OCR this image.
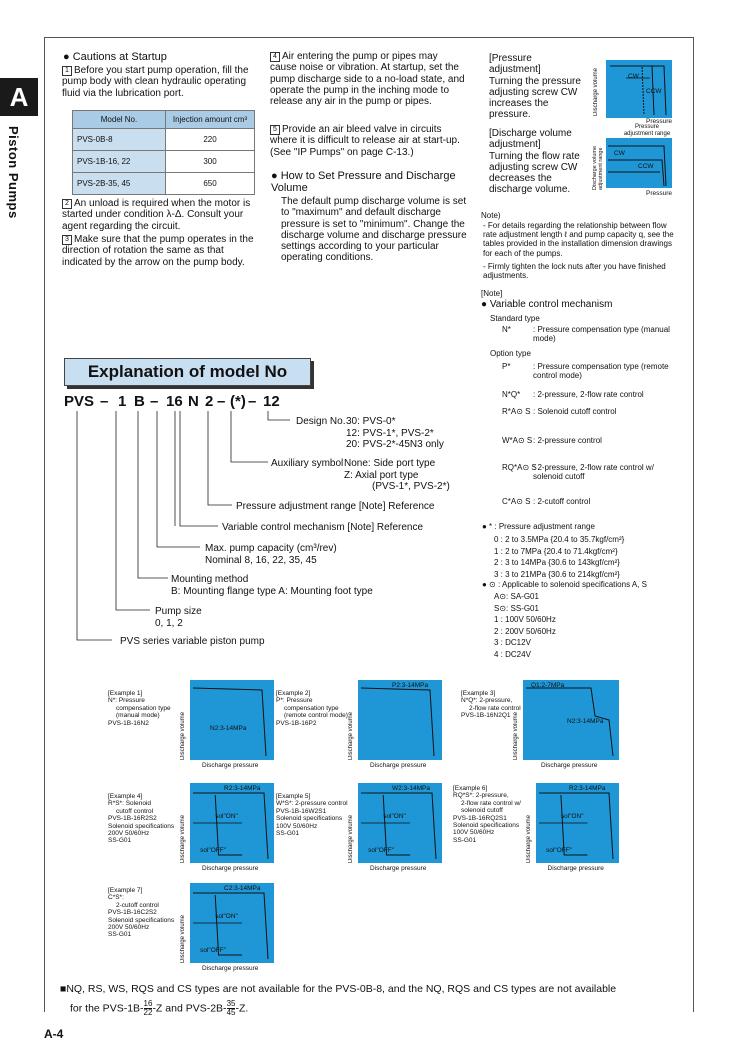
A
Piston Pumps
● Cautions at Startup
1 Before you start pump operation, fill the pump body with clean hydraulic operating fluid via the lubrication port.
Model No.	Injection amount cm³
PVS-0B-8	220
PVS-1B-16, 22	300
PVS-2B-35, 45	650
2 An unload is required when the motor is started under condition λ-Δ. Consult your agent regarding the circuit.
3 Make sure that the pump operates in the direction of rotation the same as that indicated by the arrow on the pump body.
4 Air entering the pump or pipes may cause noise or vibration. At startup, set the pump discharge side to a no-load state, and operate the pump in the inching mode to release any air in the pump or pipes.
5 Provide an air bleed valve in circuits where it is difficult to release air at start-up.
(See "IP Pumps" on page C-13.)
● How to Set Pressure and Discharge Volume
The default pump discharge volume is set to "maximum" and default discharge pressure is set to "minimum". Change the discharge volume and discharge pressure settings according to your particular operating conditions.
[Pressure adjustment]
Turning the pressure adjusting screw CW increases the pressure.
[Discharge volume adjustment]
Turning the flow rate adjusting screw CW decreases the discharge volume.
CW
CCW
Discharge volume
Pressure
Pressure adjustment range
CW
CCW
Discharge volume adjustment range
Pressure
Note)
- For details regarding the relationship between flow rate adjustment length ℓ and pump capacity q, see the tables provided in the installation dimension drawings for each of the pumps.
- Firmly tighten the lock nuts after you have finished adjustments.
[Note]
● Variable control mechanism
Standard type
N*	: Pressure compensation type (manual mode)
Option type
P*	: Pressure compensation type (remote control mode)
N*Q* : 2-pressure, 2-flow rate control
R*A⊙ S : Solenoid cutoff control
W*A⊙ S : 2-pressure control
RQ*A⊙ S
: 2-pressure, 2-flow rate control w/ solenoid cutoff
C*A⊙ S : 2-cutoff control
● * : Pressure adjustment range
0 : 2 to 3.5MPa {20.4 to 35.7kgf/cm²}
1 : 2 to 7MPa {20.4 to 71.4kgf/cm²}
2 : 3 to 14MPa {30.6 to 143kgf/cm²}
3 : 3 to 21MPa {30.6 to 214kgf/cm²}
● ⊙ : Applicable to solenoid specifications A, S
A⊙: SA-G01
S⊙: SS-G01
1 : 100V 50/60Hz
2 : 200V 50/60Hz
3 : DC12V
4 : DC24V
Explanation of model No
PVS – 1 B – 16 N 2 – (*) – 12
Design No. 30: PVS-0*
12: PVS-1*, PVS-2*
20: PVS-2*-45N3 only
Auxiliary symbol None: Side port type
Z: Axial port type
(PVS-1*, PVS-2*)
Pressure adjustment range [Note] Reference
Variable control mechanism [Note] Reference
Max. pump capacity (cm³/rev)
Nominal 8, 16, 22, 35, 45
Mounting method
B: Mounting flange type A: Mounting foot type
Pump size
0, 1, 2
PVS series variable piston pump
[Example 1]
N*: Pressure
compensation type
(manual mode)
PVS-1B-16N2
N2:3-14MPa
Discharge volume
Discharge pressure
[Example 2]
P*: Pressure
compensation type
(remote control mode)
PVS-1B-16P2
P2:3-14MPa
Discharge volume
Discharge pressure
[Example 3]
N*Q*: 2-pressure,
2-flow rate control
PVS-1B-16N2Q1
Q1:2-7MPa
N2:3-14MPa
Discharge volume
Discharge pressure
[Example 4]
R*S*: Solenoid
cutoff control
PVS-1B-16R2S2
Solenoid specifications
200V 50/60Hz
SS-G01
R2:3-14MPa
sol"ON"
sol"OFF"
Discharge volume
Discharge pressure
[Example 5]
W*S*: 2-pressure control
PVS-1B-16W2S1
Solenoid specifications
100V 50/60Hz
SS-G01
W2:3-14MPa
sol"ON"
sol"OFF"
Discharge volume
Discharge pressure
[Example 6]
RQ*S*: 2-pressure,
2-flow rate control w/
solenoid cutoff
PVS-1B-16RQ2S1
Solenoid specifications
100V 50/60Hz
SS-G01
R2:3-14MPa
sol"ON"
sol"OFF"
Discharge volume
Discharge pressure
[Example 7]
C*S*:
2-cutoff control
PVS-1B-16C2S2
Solenoid specifications
200V 50/60Hz
SS-G01
C2:3-14MPa
sol"ON"
sol"OFF"
Discharge volume
Discharge pressure
■NQ, RS, WS, RQS and CS types are not available for the PVS-0B-8, and the NQ, RQS and CS types are not available
for the $PVS-1B- \frac{16}{22} -Z$ and $PVS-2B- \frac{35}{45} -Z$.
A-4
